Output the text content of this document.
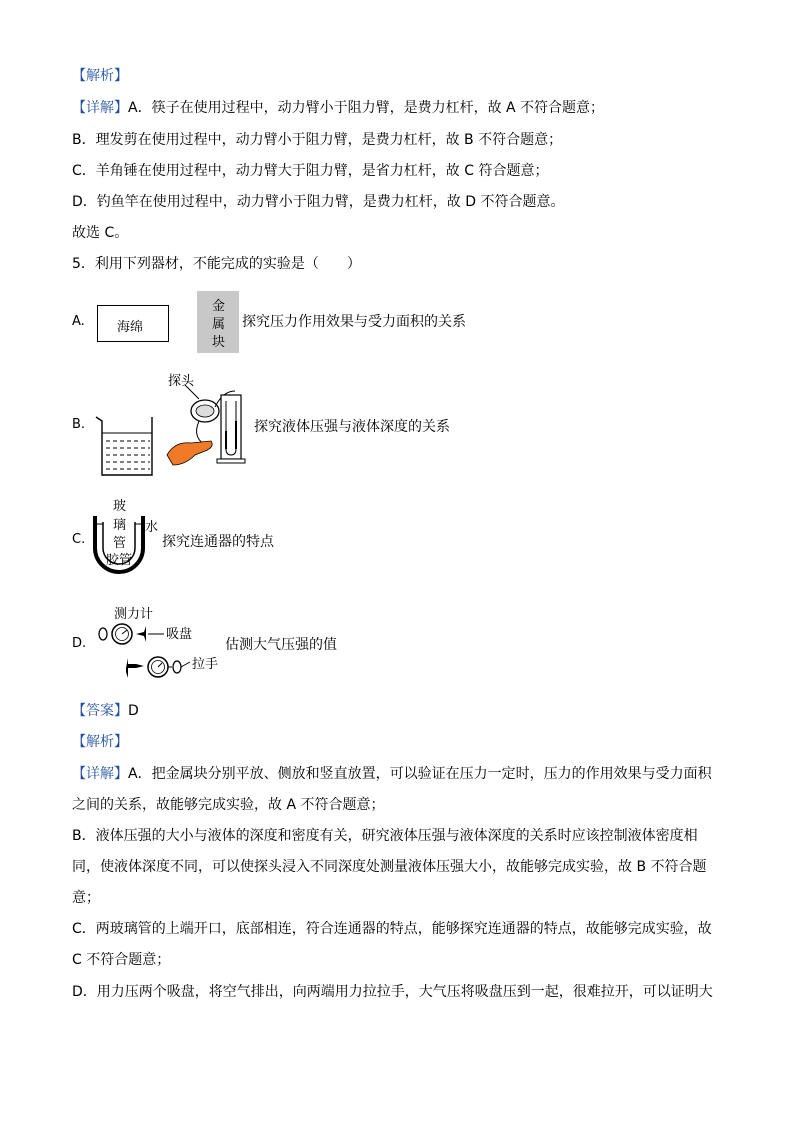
【解析】
【详解】A．筷子在使用过程中，动力臂小于阻力臂，是费力杠杆，故 A 不符合题意；
B．理发剪在使用过程中，动力臂小于阻力臂，是费力杠杆，故 B 不符合题意；
C．羊角锤在使用过程中，动力臂大于阻力臂，是省力杠杆，故 C 符合题意；
D．钓鱼竿在使用过程中，动力臂小于阻力臂，是费力杠杆，故 D 不符合题意。
故选 C。
5．利用下列器材，不能完成的实验是（　　）
A. 海绵
金
属
块
探究压力作用效果与受力面积的关系
B.
探头
探究液体压强与液体深度的关系
C.
玻
璃
管
胶管
水
探究连通器的特点
D.
测力计
吸盘
拉手
估测大气压强的值
【答案】D
【解析】
【详解】A．把金属块分别平放、侧放和竖直放置，可以验证在压力一定时，压力的作用效果与受力面积
之间的关系，故能够完成实验，故 A 不符合题意；
B．液体压强的大小与液体的深度和密度有关，研究液体压强与液体深度的关系时应该控制液体密度相
同，使液体深度不同，可以使探头浸入不同深度处测量液体压强大小，故能够完成实验，故 B 不符合题
意；
C．两玻璃管的上端开口，底部相连，符合连通器的特点，能够探究连通器的特点，故能够完成实验，故
C 不符合题意；
D．用力压两个吸盘，将空气排出，向两端用力拉拉手，大气压将吸盘压到一起，很难拉开，可以证明大
